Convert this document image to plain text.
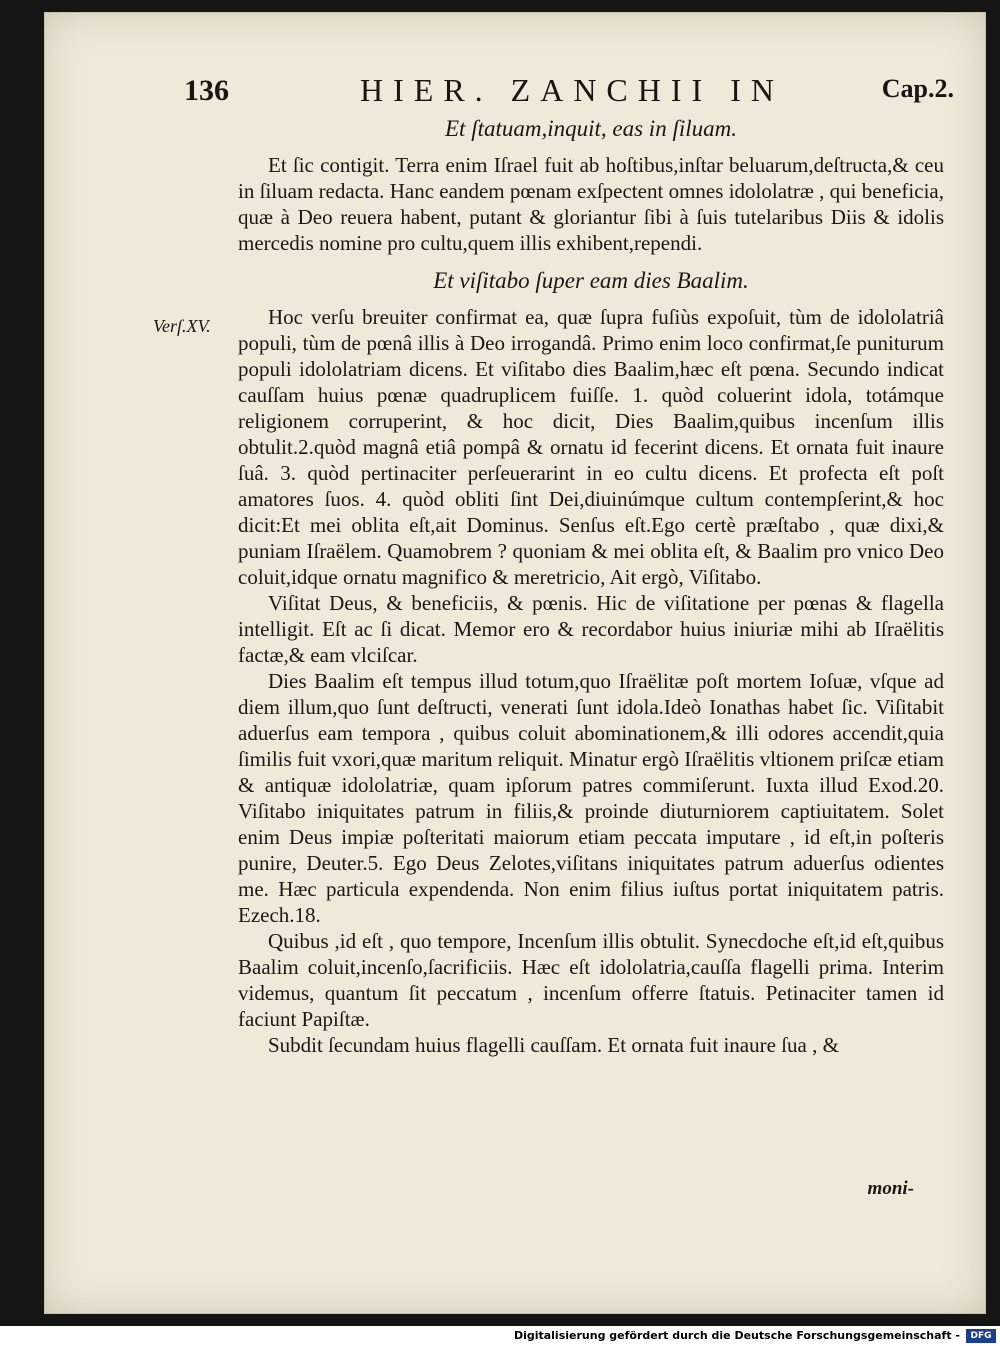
136	HIER. ZANCHII IN	Cap.2.
Verſ.XV.
Et ſtatuam,inquit, eas in ſiluam.

Et ſic contigit. Terra enim Iſrael fuit ab hoſtibus,inſtar beluarum,deſtructa,& ceu in ſiluam redacta. Hanc eandem pœnam exſpectent omnes idololatræ , qui beneficia, quæ à Deo reuera habent, putant & gloriantur ſibi à ſuis tutelaribus Diis & idolis mercedis nomine pro cultu,quem illis exhibent,rependi.

Et viſitabo ſuper eam dies Baalim.

Hoc verſu breuiter confirmat ea, quæ ſupra fuſiùs expoſuit, tùm de idololatriâ populi, tùm de pœnâ illis à Deo irrogandâ. Primo enim loco confirmat,ſe puniturum populi idololatriam dicens. Et viſitabo dies Baalim,hæc eſt pœna. Secundo indicat cauſſam huius pœnæ quadruplicem fuiſſe. 1. quòd coluerint idola, totámque religionem corruperint, & hoc dicit, Dies Baalim,quibus incenſum illis obtulit.2.quòd magnâ etiâ pompâ & ornatu id fecerint dicens. Et ornata fuit inaure ſuâ. 3. quòd pertinaciter perſeuerarint in eo cultu dicens. Et profecta eſt poſt amatores ſuos. 4. quòd obliti ſint Dei,diuinúmque cultum contempſerint,& hoc dicit:Et mei oblita eſt,ait Dominus. Senſus eſt.Ego certè præſtabo , quæ dixi,& puniam Iſraëlem. Quamobrem ? quoniam & mei oblita eſt, & Baalim pro vnico Deo coluit,idque ornatu magnifico & meretricio, Ait ergò, Viſitabo.

Viſitat Deus, & beneficiis, & pœnis. Hic de viſitatione per pœnas & flagella intelligit. Eſt ac ſi dicat. Memor ero & recordabor huius iniuriæ mihi ab Iſraëlitis factæ,& eam vlciſcar.

Dies Baalim eſt tempus illud totum,quo Iſraëlitæ poſt mortem Ioſuæ, vſque ad diem illum,quo ſunt deſtructi, venerati ſunt idola.Ideò Ionathas habet ſic. Viſitabit aduerſus eam tempora , quibus coluit abominationem,& illi odores accendit,quia ſimilis fuit vxori,quæ maritum reliquit. Minatur ergò Iſraëlitis vltionem priſcæ etiam & antiquæ idololatriæ, quam ipſorum patres commiſerunt. Iuxta illud Exod.20. Viſitabo iniquitates patrum in filiis,& proinde diuturniorem captiuitatem. Solet enim Deus impiæ poſteritati maiorum etiam peccata imputare , id eſt,in poſteris punire, Deuter.5. Ego Deus Zelotes,viſitans iniquitates patrum aduerſus odientes me. Hæc particula expendenda. Non enim filius iuſtus portat iniquitatem patris. Ezech.18.

Quibus ,id eſt , quo tempore, Incenſum illis obtulit. Synecdoche eſt,id eſt,quibus Baalim coluit,incenſo,ſacrificiis. Hæc eſt idololatria,cauſſa flagelli prima. Interim videmus, quantum ſit peccatum , incenſum offerre ſtatuis. Petinaciter tamen id faciunt Papiſtæ.

Subdit ſecundam huius flagelli cauſſam. Et ornata fuit inaure ſua , &

moni-
Digitalisierung gefördert durch die Deutsche Forschungsgemeinschaft -	DFG
